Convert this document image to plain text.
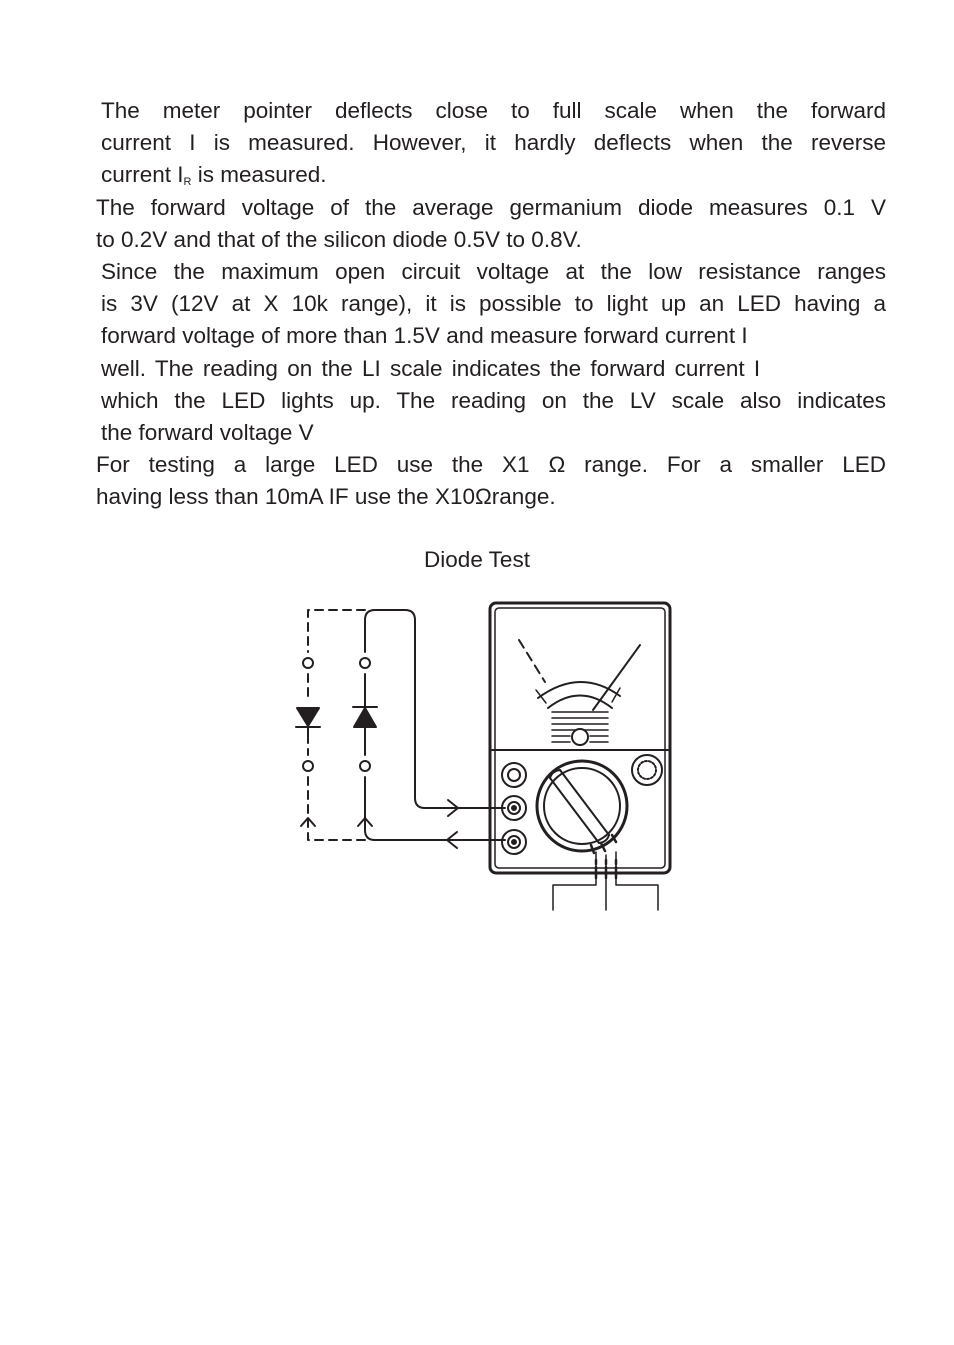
The meter pointer deflects close to full scale when the forward
current I is measured. However, it hardly deflects when the reverse
current $I_R$ is measured.
The forward voltage of the average germanium diode measures 0.1 V
to 0.2V and that of the silicon diode 0.5V to 0.8V.
Since the maximum open circuit voltage at the low resistance ranges
is 3V (12V at X 10k range), it is possible to light up an LED having a
forward voltage of more than 1.5V and measure forward current I
well. The reading on the LI scale indicates the forward current I
which the LED lights up. The reading on the LV scale also indicates
the forward voltage V
For testing a large LED use the X1 Ω range. For a smaller LED
having less than 10mA IF use the X10Ωrange.
Diode Test
